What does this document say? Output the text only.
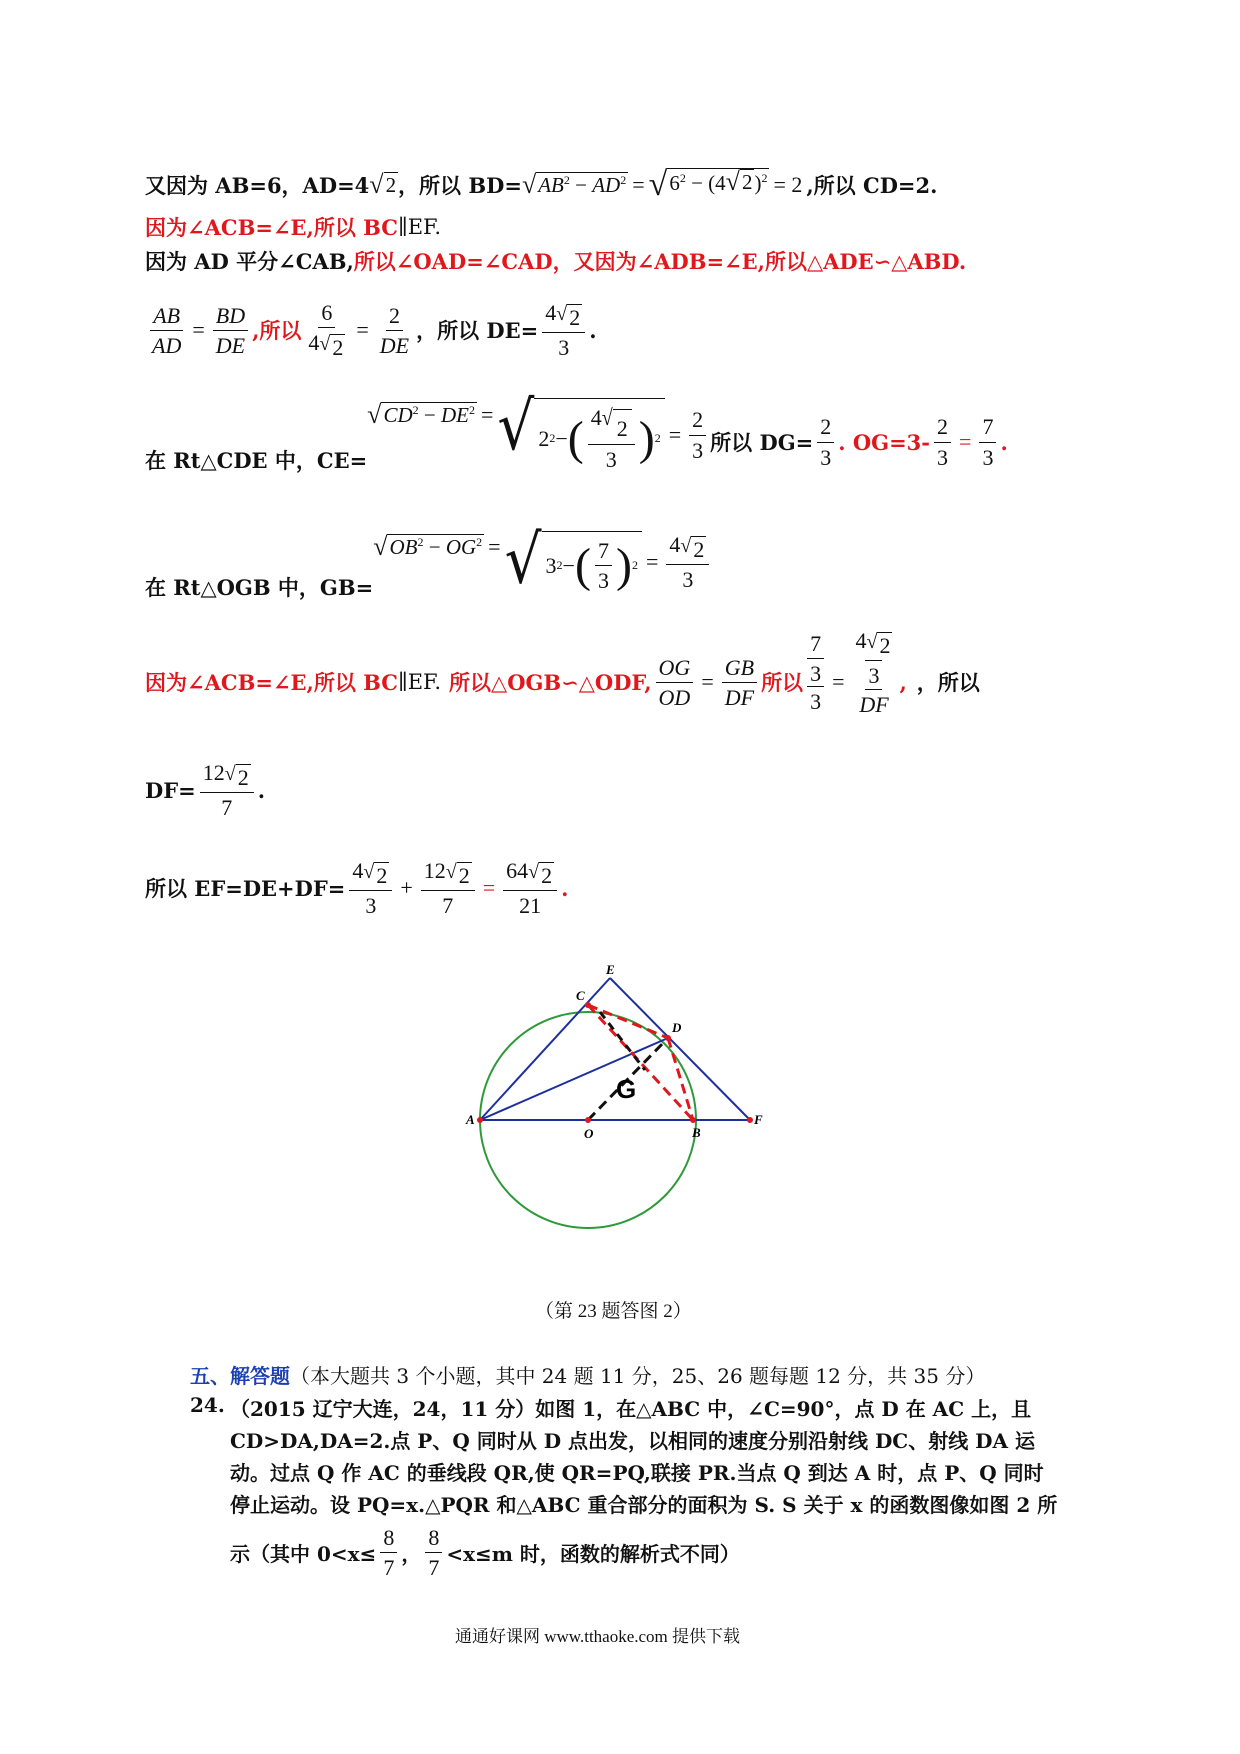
又因为 AB=6，AD=4 √ 2 ，所以 BD= √ $AB^2 - AD^2$ = √ $6^2 - (4$ √ 2 )$^2$ = 2 ,所以 CD=2.
因为∠ACB=∠E,所以 BC ∥EF.
因为 AD 平分∠CAB, 所以∠OAD=∠CAD，又因为∠ADB=∠E,所以△ADE∽△ABD.
$\frac{AB}{AD} = \frac{BD}{DE}$ ,所以 $\frac{6}{4 √ 2} = \frac{2}{DE}$ ，所以 $DE= \frac{4 √ 2}{3}$ .
在 Rt△CDE 中，CE=
√ $CD^2 - DE^2$ = √ 2 2 − ( $\frac{4 √ 2}{3}$ ) $2 = \frac{2}{3}$ 所以 $DG= \frac{2}{3}$ . $OG=3- \frac{2}{3} = \frac{7}{3}$ .
在 Rt△OGB 中，GB=
√ $OB^2 - OG^2$ = √ 3 2 − ( $\frac{7}{3}$ ) $2 = \frac{4 √ 2}{3}$
因为∠ACB=∠E,所以 BC ∥EF. 所以△OGB∽△ODF, $\frac{OG}{OD} = \frac{GB}{DF}$ 所以
7
3
3
=
4 √ 2
3
DF
, ，所以
$DF= \frac{12 √ 2}{7}$ .
所以 $EF=DE+DF= \frac{4 √ 2}{3} + \frac{12 √ 2}{7} = \frac{64 √ 2}{21}$ .
E
C
D
G
A
O	B
F
（第 23 题答图 2）
五、解答题（本大题共 3 个小题，其中 24 题 11 分，25、26 题每题 12 分，共 35 分）
24. （2015 辽宁大连，24，11 分）如图 1，在△ABC 中，∠C=90°，点 D 在 AC 上，且
CD>DA,DA=2.点 P、Q 同时从 D 点出发，以相同的速度分别沿射线 DC、射线 DA 运
动。过点 Q 作 AC 的垂线段 QR,使 QR=PQ,联接 PR.当点 Q 到达 A 时，点 P、Q 同时
停止运动。设 PQ=x.△PQR 和△ABC 重合部分的面积为 S. S 关于 x 的函数图像如图 2 所
示（其中 $0<x\le \frac{8}{7}$ ， $\frac{8}{7} <x\le m$ 时，函数的解析式不同）
通通好课网 www.tthaoke.com 提供下载
